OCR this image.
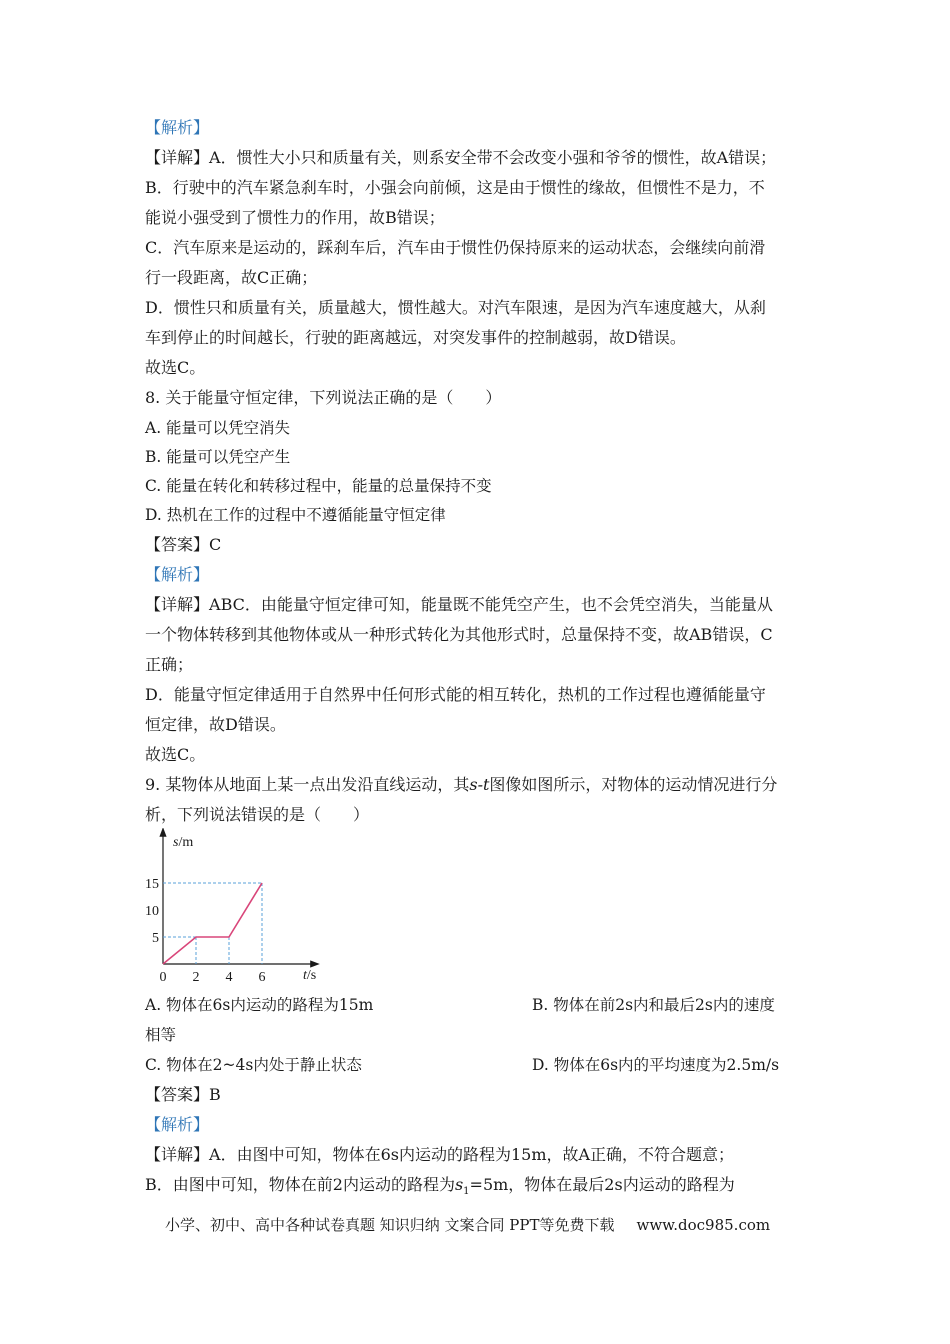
【解析】
【详解】A．惯性大小只和质量有关，则系安全带不会改变小强和爷爷的惯性，故A错误；
B．行驶中的汽车紧急刹车时，小强会向前倾，这是由于惯性的缘故，但惯性不是力，不
能说小强受到了惯性力的作用，故B错误；
C．汽车原来是运动的，踩刹车后，汽车由于惯性仍保持原来的运动状态，会继续向前滑
行一段距离，故C正确；
D．惯性只和质量有关，质量越大，惯性越大。对汽车限速，是因为汽车速度越大，从刹
车到停止的时间越长，行驶的距离越远，对突发事件的控制越弱，故D错误。
故选C。
8. 关于能量守恒定律，下列说法正确的是（　　）
A. 能量可以凭空消失
B. 能量可以凭空产生
C. 能量在转化和转移过程中，能量的总量保持不变
D. 热机在工作的过程中不遵循能量守恒定律
【答案】C
【解析】
【详解】ABC．由能量守恒定律可知，能量既不能凭空产生，也不会凭空消失，当能量从
一个物体转移到其他物体或从一种形式转化为其他形式时，总量保持不变，故AB错误，C
正确；
D．能量守恒定律适用于自然界中任何形式能的相互转化，热机的工作过程也遵循能量守
恒定律，故D错误。
故选C。
析，下列说法错误的是（　　）
相等
【答案】B
【解析】
【详解】A．由图中可知，物体在6s内运动的路程为15m，故A正确，不符合题意；
9. 某物体从地面上某一点出发沿直线运动，其s-t图像如图所示，对物体的运动情况进行分
0 2 4 6
5
10
15
t/s
s/m
A. 物体在6s内运动的路程为15m	B. 物体在前2s内和最后2s内的速度
C. 物体在2~4s内处于静止状态	D. 物体在6s内的平均速度为2.5m/s
B．由图中可知，物体在前2内运动的路程为$s_1=5m$，物体在最后2s内运动的路程为
小学、初中、高中各种试卷真题 知识归纳 文案合同 PPT等免费下载 www.doc985.com
